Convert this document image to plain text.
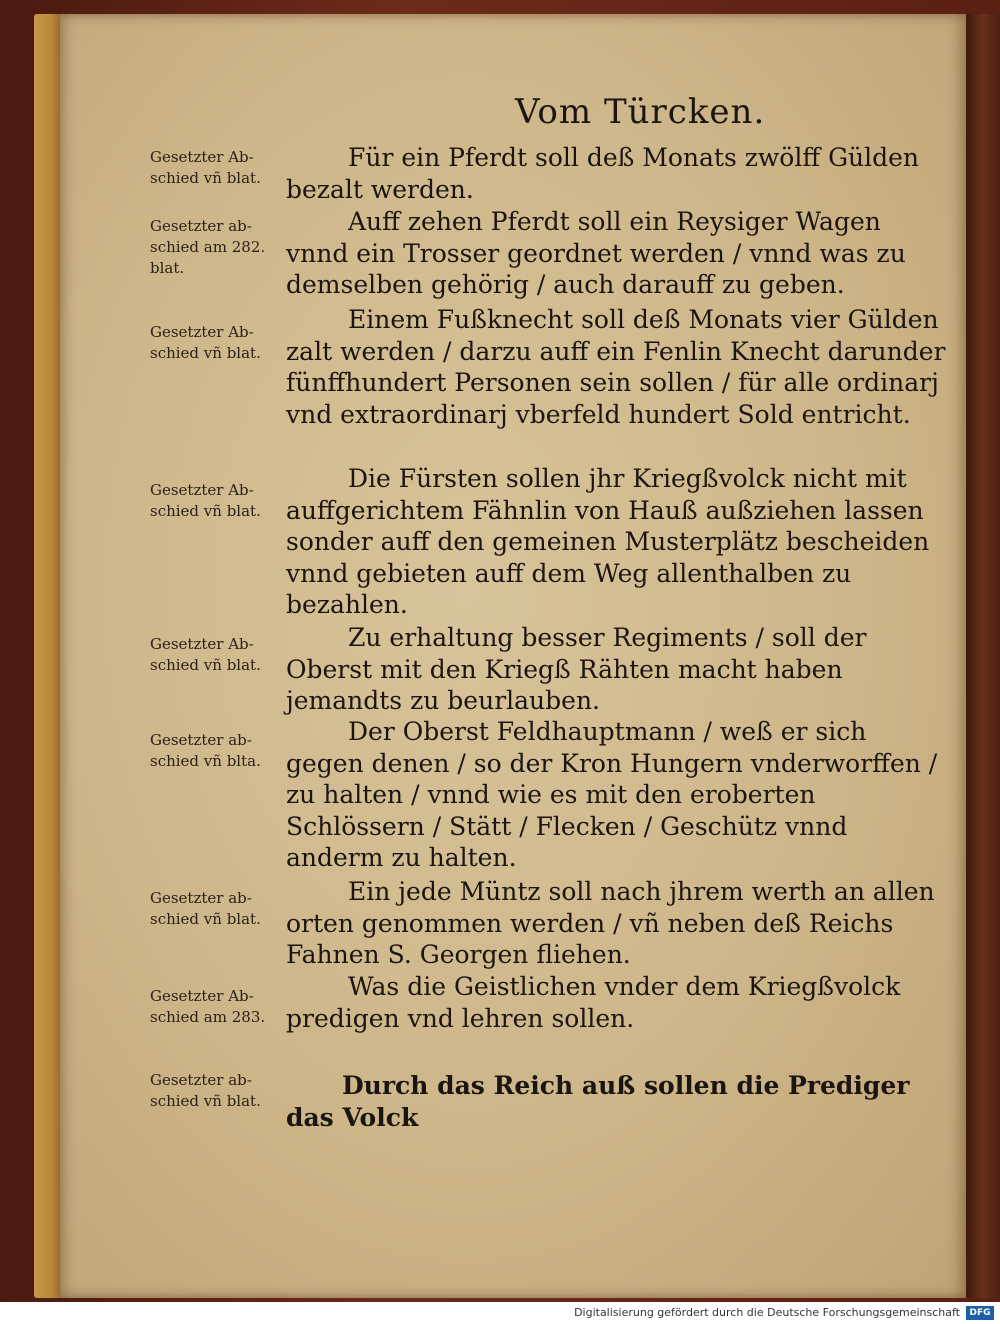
Vom Türcken.
Gesetzter Ab-schied vñ blat.
Für ein Pferdt soll deß Monats zwölff Gülden bezalt werden.
Gesetzter ab-schied am 282. blat.
Auff zehen Pferdt soll ein Reysiger Wagen vnnd ein Trosser geordnet werden / vnnd was zu demselben gehörig / auch darauff zu geben.
Gesetzter Ab-schied vñ blat.
Einem Fußknecht soll deß Monats vier Gülden zalt werden / darzu auff ein Fenlin Knecht darunder fünffhundert Personen sein sollen / für alle ordinarj vnd extraordinarj vberfeld hundert Sold entricht.
Gesetzter Ab-schied vñ blat.
Die Fürsten sollen jhr Kriegßvolck nicht mit auffgerichtem Fähnlin von Hauß außziehen lassen sonder auff den gemeinen Musterplätz bescheiden vnnd gebieten auff dem Weg allenthalben zu bezahlen.
Gesetzter Ab-schied vñ blat.
Zu erhaltung besser Regiments / soll der Oberst mit den Kriegß Rähten macht haben jemandts zu beurlauben.
Gesetzter ab-schied vñ blta.
Der Oberst Feldhauptmann / weß er sich gegen denen / so der Kron Hungern vnderworffen / zu halten / vnnd wie es mit den eroberten Schlössern / Stätt / Flecken / Geschütz vnnd anderm zu halten.
Gesetzter ab-schied vñ blat.
Ein jede Müntz soll nach jhrem werth an allen orten genommen werden / vñ neben deß Reichs Fahnen S. Georgen fliehen.
Gesetzter Ab-schied am 283.
Was die Geistlichen vnder dem Kriegßvolck predigen vnd lehren sollen.
Gesetzter ab-schied vñ blat.
Durch das Reich auß sollen die Prediger das Volck
Digitalisierung gefördert durch die Deutsche Forschungsgemeinschaft	DFG
